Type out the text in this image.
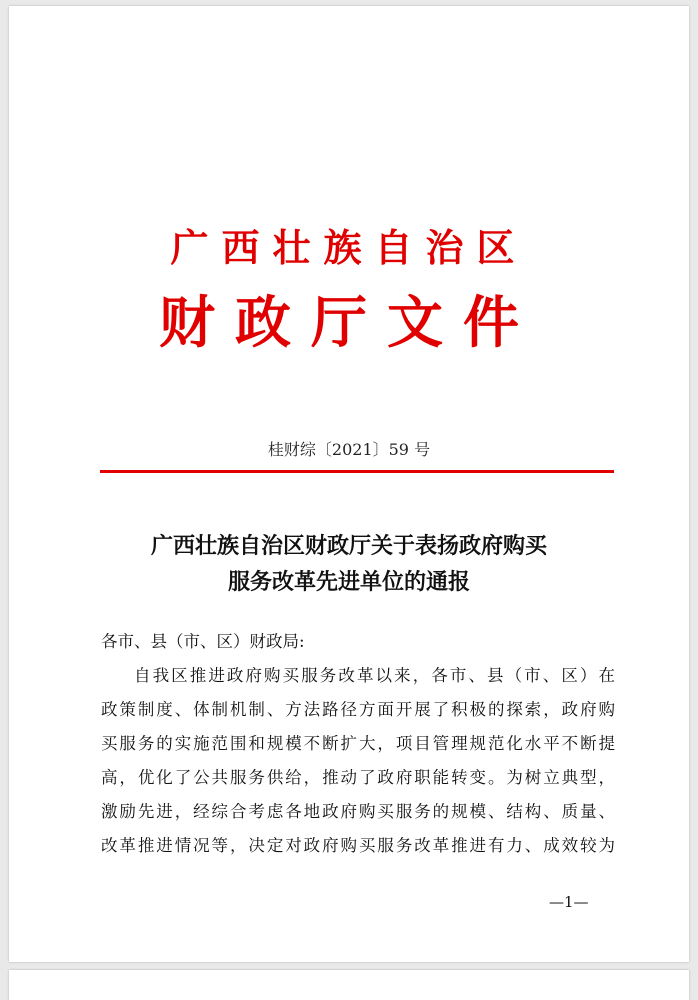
广西壮族自治区
财政厅文件
桂财综〔2021〕59 号
广西壮族自治区财政厅关于表扬政府购买
服务改革先进单位的通报
各市、县（市、区）财政局:
自我区推进政府购买服务改革以来，各市、县（市、区）在
政策制度、体制机制、方法路径方面开展了积极的探索，政府购
买服务的实施范围和规模不断扩大，项目管理规范化水平不断提
高，优化了公共服务供给，推动了政府职能转变。为树立典型，
激励先进，经综合考虑各地政府购买服务的规模、结构、质量、
改革推进情况等，决定对政府购买服务改革推进有力、成效较为
—1—
